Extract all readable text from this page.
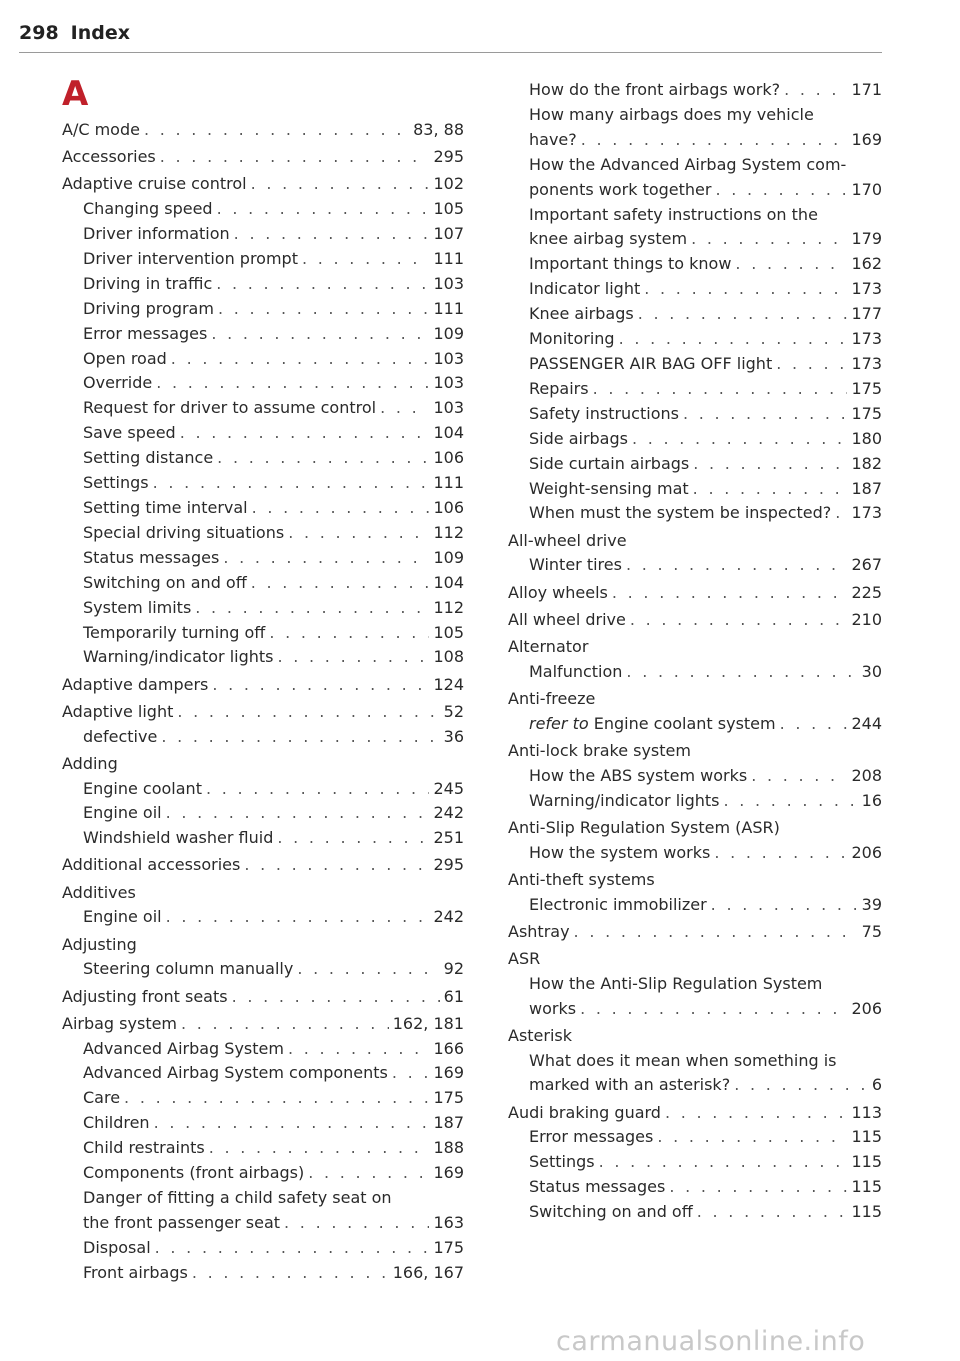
298 Index
A
A/C mode . . .	83, 88
Accessories . . .	295
Adaptive cruise control . . .	102
Changing speed . . .	105
Driver information . . .	107
Driver intervention prompt . . .	111
Driving in traffic . . .	103
Driving program . . .	111
Error messages . . .	109
Open road . . .	103
Override . . .	103
Request for driver to assume control . . .	103
Save speed . . .	104
Setting distance . . .	106
Settings . . .	111
Setting time interval . . .	106
Special driving situations . . .	112
Status messages . . .	109
Switching on and off . . .	104
System limits . . .	112
Temporarily turning off . . .	105
Warning/indicator lights . . .	108
Adaptive dampers . . .	124
Adaptive light . . .	52
defective . . .	36
Adding
Engine coolant . . .	245
Engine oil . . .	242
Windshield washer fluid . . .	251
Additional accessories . . .	295
Additives
Engine oil . . .	242
Adjusting
Steering column manually . . .	92
Adjusting front seats . . .	61
Airbag system . . .	162, 181
Advanced Airbag System . . .	166
Advanced Airbag System components . . .	169
Care . . .	175
Children . . .	187
Child restraints . . .	188
Components (front airbags) . . .	169
Danger of fitting a child safety seat on
the front passenger seat . . .	163
Disposal . . .	175
Front airbags . . .	166, 167
How do the front airbags work? . . .	171
How many airbags does my vehicle
have? . . .	169
How the Advanced Airbag System com-
ponents work together . . .	170
Important safety instructions on the
knee airbag system . . .	179
Important things to know . . .	162
Indicator light . . .	173
Knee airbags . . .	177
Monitoring . . .	173
PASSENGER AIR BAG OFF light . . .	173
Repairs . . .	175
Safety instructions . . .	175
Side airbags . . .	180
Side curtain airbags . . .	182
Weight-sensing mat . . .	187
When must the system be inspected? . . . 173
All-wheel drive
Winter tires . . .	267
Alloy wheels . . .	225
All wheel drive . . .	210
Alternator
Malfunction . . .	30
Anti-freeze
refer to Engine coolant system . . .	244
Anti-lock brake system
How the ABS system works . . .	208
Warning/indicator lights . . .	16
Anti-Slip Regulation System (ASR)
How the system works . . .	206
Anti-theft systems
Electronic immobilizer . . .	39
Ashtray . . .	75
ASR
How the Anti-Slip Regulation System
works . . .	206
Asterisk
What does it mean when something is
marked with an asterisk? . . .	6
Audi braking guard . . .	113
Error messages . . .	115
Settings . . .	115
Status messages . . .	115
Switching on and off . . .	115
carmanualsonline.info
